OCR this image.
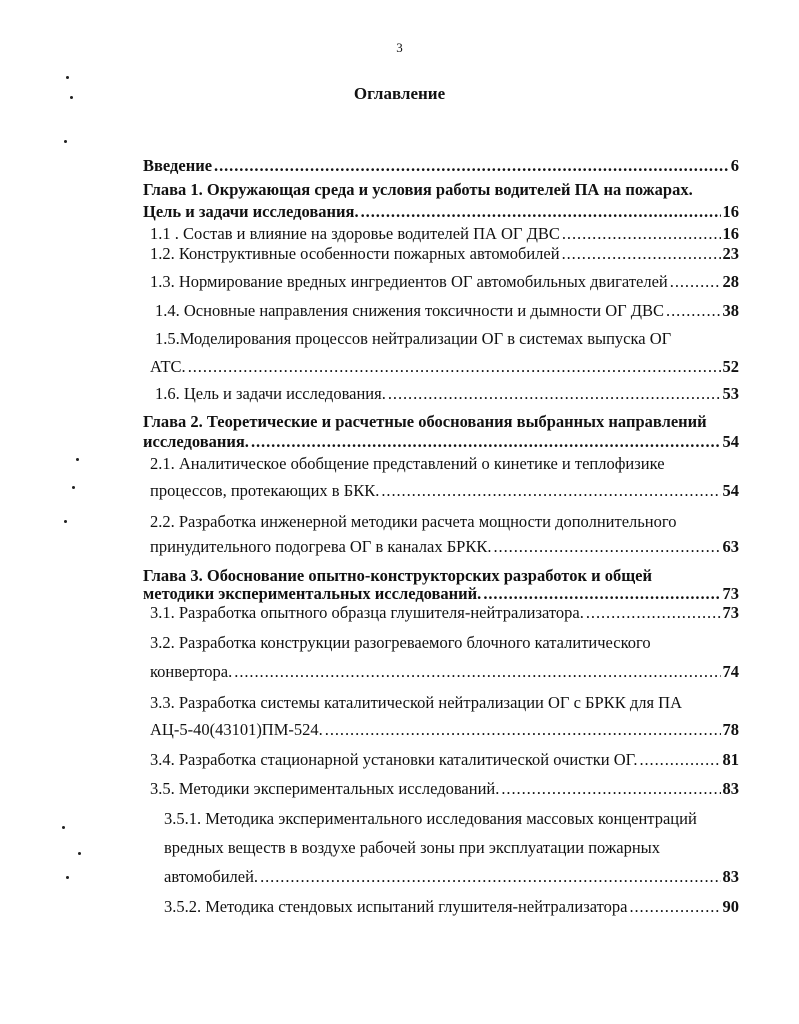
3
Оглавление
Введение . . .	6
Глава 1. Окружающая среда и условия работы водителей ПА на пожарах.
Цель и задачи исследования. . . .	16
1.1 . Состав и влияние на здоровье водителей ПА ОГ ДВС . . .	16
1.2. Конструктивные особенности пожарных автомобилей . . .	23
1.3. Нормирование вредных ингредиентов ОГ автомобильных двигателей . . .	28
1.4. Основные направления снижения токсичности и дымности ОГ ДВС . . .	38
1.5.Моделирования процессов нейтрализации ОГ в системах выпуска ОГ
АТС. . . .	52
1.6. Цель и задачи исследования. . . .	53
Глава 2. Теоретические и расчетные обоснования выбранных направлений
исследования. . . .	54
2.1. Аналитическое обобщение представлений о кинетике и теплофизике
процессов, протекающих в БКК. . . .	54
2.2. Разработка инженерной методики расчета мощности дополнительного
принудительного подогрева ОГ в каналах БРКК. . . .	63
Глава 3. Обоснование опытно-конструкторских разработок и общей
методики экспериментальных исследований. . . .	73
3.1. Разработка опытного образца глушителя-нейтрализатора. . . .	73
3.2. Разработка конструкции разогреваемого блочного каталитического
конвертора. . . .	74
3.3. Разработка системы каталитической нейтрализации ОГ с БРКК для ПА
АЦ-5-40(43101)ПМ-524. . . .	78
3.4. Разработка стационарной установки каталитической очистки ОГ. . . .	81
3.5. Методики экспериментальных исследований. . . .	83
3.5.1. Методика экспериментального исследования массовых концентраций
вредных веществ в воздухе рабочей зоны при эксплуатации пожарных
автомобилей. . . .	83
3.5.2. Методика стендовых испытаний глушителя-нейтрализатора . . .	90
